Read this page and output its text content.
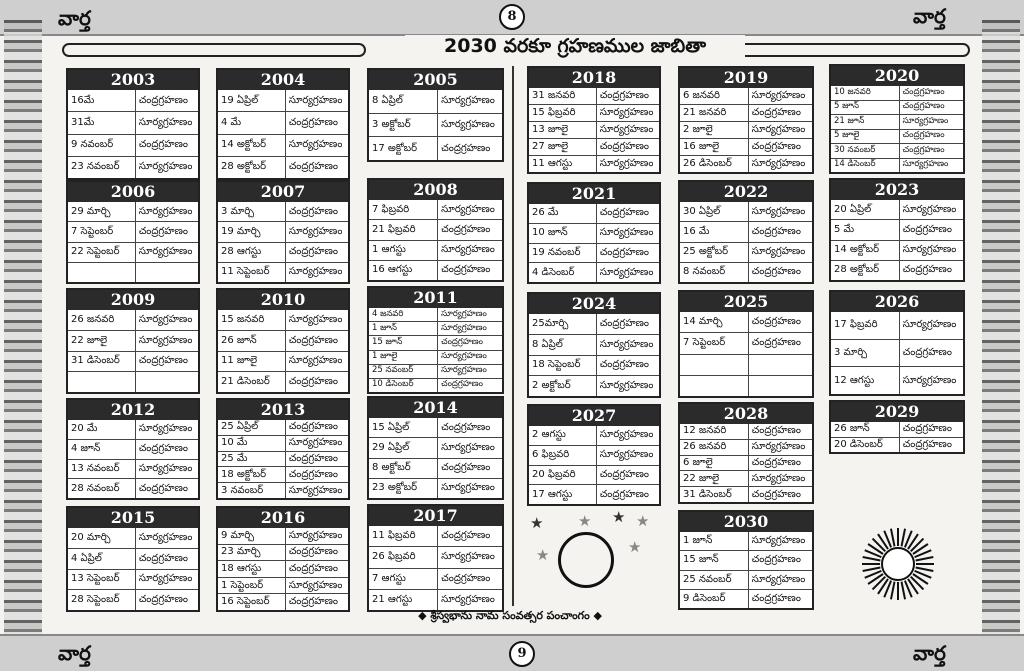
వార్త	8	వార్త
2030 వరకూ గ్రహణముల జాబితా
2003
16మే	చంద్రగ్రహణం
31మే	సూర్యగ్రహణం
9 నవంబర్	చంద్రగ్రహణం
23 నవంబర్	సూర్యగ్రహణం
2004
19 ఏప్రిల్	సూర్యగ్రహణం
4 మే	చంద్రగ్రహణం
14 అక్టోబర్	సూర్యగ్రహణం
28 అక్టోబర్	చంద్రగ్రహణం
2005
8 ఏప్రిల్	సూర్యగ్రహణం
3 అక్టోబర్	సూర్యగ్రహణం
17 అక్టోబర్	చంద్రగ్రహణం
2018
31 జనవరి	చంద్రగ్రహణం
15 ఫిబ్రవరి	సూర్యగ్రహణం
13 జూలై	సూర్యగ్రహణం
27 జూలై	చంద్రగ్రహణం
11 ఆగస్టు	సూర్యగ్రహణం
2019
6 జనవరి	సూర్యగ్రహణం
21 జనవరి	చంద్రగ్రహణం
2 జూలై	సూర్యగ్రహణం
16 జూలై	చంద్రగ్రహణం
26 డిసెంబర్	సూర్యగ్రహణం
2020
10 జనవరి	చంద్రగ్రహణం
5 జూన్	చంద్రగ్రహణం
21 జూన్	సూర్యగ్రహణం
5 జూలై	చంద్రగ్రహణం
30 నవంబర్	చంద్రగ్రహణం
14 డిసెంబర్	సూర్యగ్రహణం
2006
29 మార్చి	సూర్యగ్రహణం
7 సెప్టెంబర్	చంద్రగ్రహణం
22 సెప్టెంబర్	సూర్యగ్రహణం
2007
3 మార్చి	చంద్రగ్రహణం
19 మార్చి	సూర్యగ్రహణం
28 ఆగస్టు	చంద్రగ్రహణం
11 సెప్టెంబర్	సూర్యగ్రహణం
2008
7 ఫిబ్రవరి	సూర్యగ్రహణం
21 ఫిబ్రవరి	చంద్రగ్రహణం
1 ఆగస్టు	సూర్యగ్రహణం
16 ఆగస్టు	చంద్రగ్రహణం
2021
26 మే	చంద్రగ్రహణం
10 జూన్	సూర్యగ్రహణం
19 నవంబర్	చంద్రగ్రహణం
4 డిసెంబర్	సూర్యగ్రహణం
2022
30 ఏప్రిల్	సూర్యగ్రహణం
16 మే	చంద్రగ్రహణం
25 అక్టోబర్	సూర్యగ్రహణం
8 నవంబర్	చంద్రగ్రహణం
2023
20 ఏప్రిల్	సూర్యగ్రహణం
5 మే	చంద్రగ్రహణం
14 అక్టోబర్	సూర్యగ్రహణం
28 అక్టోబర్	చంద్రగ్రహణం
2009
26 జనవరి	సూర్యగ్రహణం
22 జూలై	సూర్యగ్రహణం
31 డిసెంబర్	చంద్రగ్రహణం
2010
15 జనవరి	సూర్యగ్రహణం
26 జూన్	చంద్రగ్రహణం
11 జూలై	సూర్యగ్రహణం
21 డిసెంబర్	చంద్రగ్రహణం
2011
4 జనవరి	సూర్యగ్రహణం
1 జూన్	సూర్యగ్రహణం
15 జూన్	చంద్రగ్రహణం
1 జూలై	సూర్యగ్రహణం
25 నవంబర్	సూర్యగ్రహణం
10 డిసెంబర్	చంద్రగ్రహణం
2024
25మార్చి	చంద్రగ్రహణం
8 ఏప్రిల్	సూర్యగ్రహణం
18 సెప్టెంబర్	చంద్రగ్రహణం
2 అక్టోబర్	సూర్యగ్రహణం
2025
14 మార్చి	చంద్రగ్రహణం
7 సెప్టెంబర్	చంద్రగ్రహణం
2026
17 ఫిబ్రవరి	సూర్యగ్రహణం
3 మార్చి	చంద్రగ్రహణం
12 ఆగస్టు	సూర్యగ్రహణం
2012
20 మే	సూర్యగ్రహణం
4 జూన్	చంద్రగ్రహణం
13 నవంబర్	సూర్యగ్రహణం
28 నవంబర్	చంద్రగ్రహణం
2013
25 ఏప్రిల్	చంద్రగ్రహణం
10 మే	సూర్యగ్రహణం
25 మే	చంద్రగ్రహణం
18 అక్టోబర్	చంద్రగ్రహణం
3 నవంబర్	సూర్యగ్రహణం
2014
15 ఏప్రిల్	చంద్రగ్రహణం
29 ఏప్రిల్	సూర్యగ్రహణం
8 అక్టోబర్	చంద్రగ్రహణం
23 అక్టోబర్	సూర్యగ్రహణం
2027
2 ఆగస్టు	సూర్యగ్రహణం
6 ఫిబ్రవరి	సూర్యగ్రహణం
20 ఫిబ్రవరి	చంద్రగ్రహణం
17 ఆగస్టు	చంద్రగ్రహణం
2028
12 జనవరి	చంద్రగ్రహణం
26 జనవరి	సూర్యగ్రహణం
6 జూలై	చంద్రగ్రహణం
22 జూలై	సూర్యగ్రహణం
31 డిసెంబర్	చంద్రగ్రహణం
2029
26 జూన్	చంద్రగ్రహణం
20 డిసెంబర్	చంద్రగ్రహణం
2015
20 మార్చి	సూర్యగ్రహణం
4 ఏప్రిల్	చంద్రగ్రహణం
13 సెప్టెంబర్	సూర్యగ్రహణం
28 సెప్టెంబర్	చంద్రగ్రహణం
2016
9 మార్చి	సూర్యగ్రహణం
23 మార్చి	చంద్రగ్రహణం
18 ఆగస్టు	చంద్రగ్రహణం
1 సెప్టెంబర్	సూర్యగ్రహణం
16 సెప్టెంబర్	చంద్రగ్రహణం
2017
11 ఫిబ్రవరి	చంద్రగ్రహణం
26 ఫిబ్రవరి	సూర్యగ్రహణం
7 ఆగస్టు	చంద్రగ్రహణం
21 ఆగస్టు	సూర్యగ్రహణం
2030
1 జూన్	సూర్యగ్రహణం
15 జూన్	చంద్రగ్రహణం
25 నవంబర్	సూర్యగ్రహణం
9 డిసెంబర్	చంద్రగ్రహణం
★ ★ ★ ★
★	★
◆ శ్రీస్వభాను నామ సంవత్సర పంచాంగం ◆
వార్త	9	వార్త
